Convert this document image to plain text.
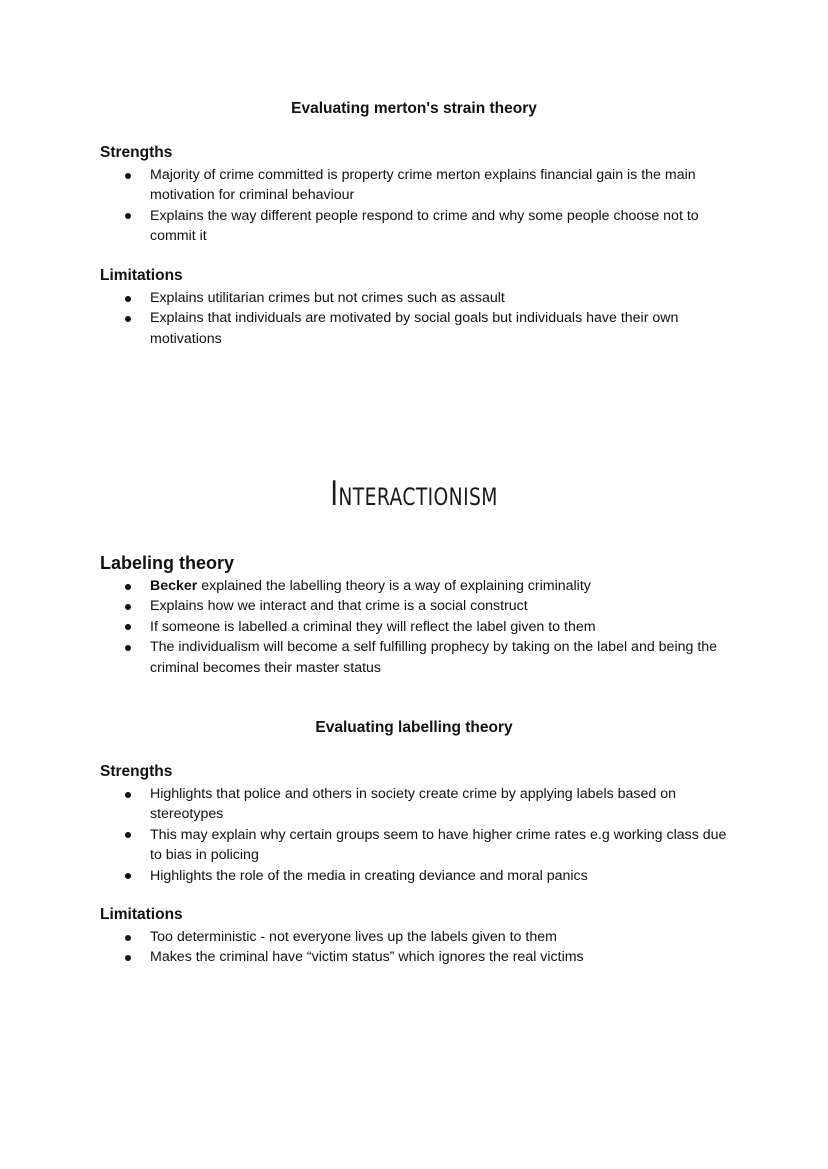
Evaluating merton's strain theory
Strengths
Majority of crime committed is property crime merton explains financial gain is the main motivation for criminal behaviour
Explains the way different people respond to crime and why some people choose not to commit it
Limitations
Explains utilitarian crimes but not crimes such as assault
Explains that individuals are motivated by social goals but individuals have their own motivations
Interactionism
Labeling theory
Becker explained the labelling theory is a way of explaining criminality
Explains how we interact and that crime is a social construct
If someone is labelled a criminal they will reflect the label given to them
The individualism will become a self fulfilling prophecy by taking on the label and being the criminal becomes their master status
Evaluating labelling theory
Strengths
Highlights that police and others in society create crime by applying labels based on stereotypes
This may explain why certain groups seem to have higher crime rates e.g working class due to bias in policing
Highlights the role of the media in creating deviance and moral panics
Limitations
Too deterministic - not everyone lives up the labels given to them
Makes the criminal have “victim status” which ignores the real victims
